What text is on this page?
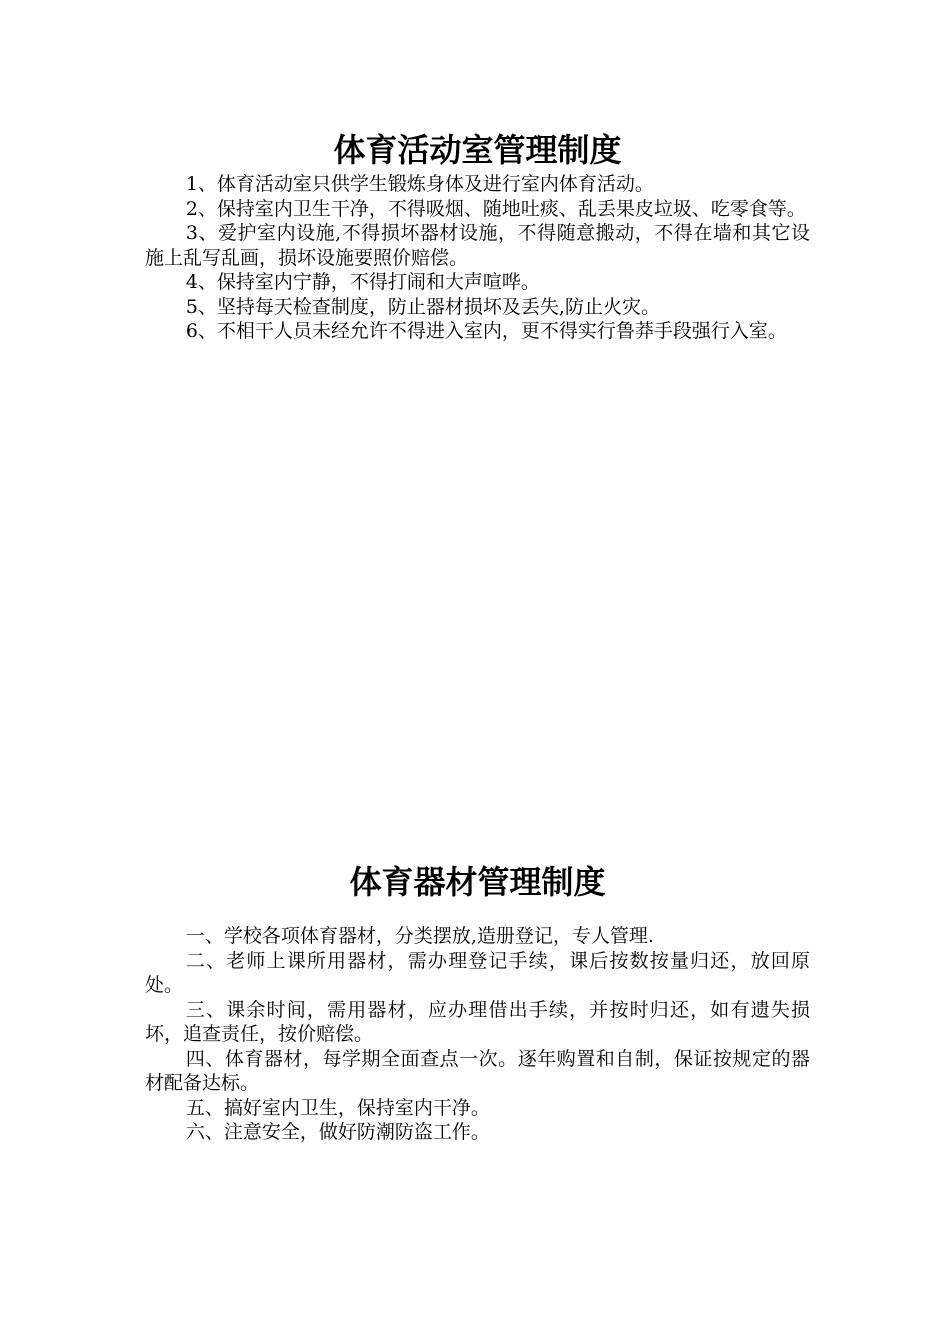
体育活动室管理制度
1、体育活动室只供学生锻炼身体及进行室内体育活动。
2、保持室内卫生干净，不得吸烟、随地吐痰、乱丢果皮垃圾、吃零食等。
3、爱护室内设施,不得损坏器材设施，不得随意搬动，不得在墙和其它设施上乱写乱画，损坏设施要照价赔偿。
4、保持室内宁静，不得打闹和大声喧哗。
5、坚持每天检查制度，防止器材损坏及丢失,防止火灾。
6、不相干人员未经允许不得进入室内，更不得实行鲁莽手段强行入室。
体育器材管理制度
一、学校各项体育器材，分类摆放,造册登记，专人管理.
二、老师上课所用器材，需办理登记手续，课后按数按量归还，放回原处。
三、课余时间，需用器材，应办理借出手续，并按时归还，如有遗失损坏，追查责任，按价赔偿。
四、体育器材，每学期全面查点一次。逐年购置和自制，保证按规定的器材配备达标。
五、搞好室内卫生，保持室内干净。
六、注意安全，做好防潮防盗工作。
